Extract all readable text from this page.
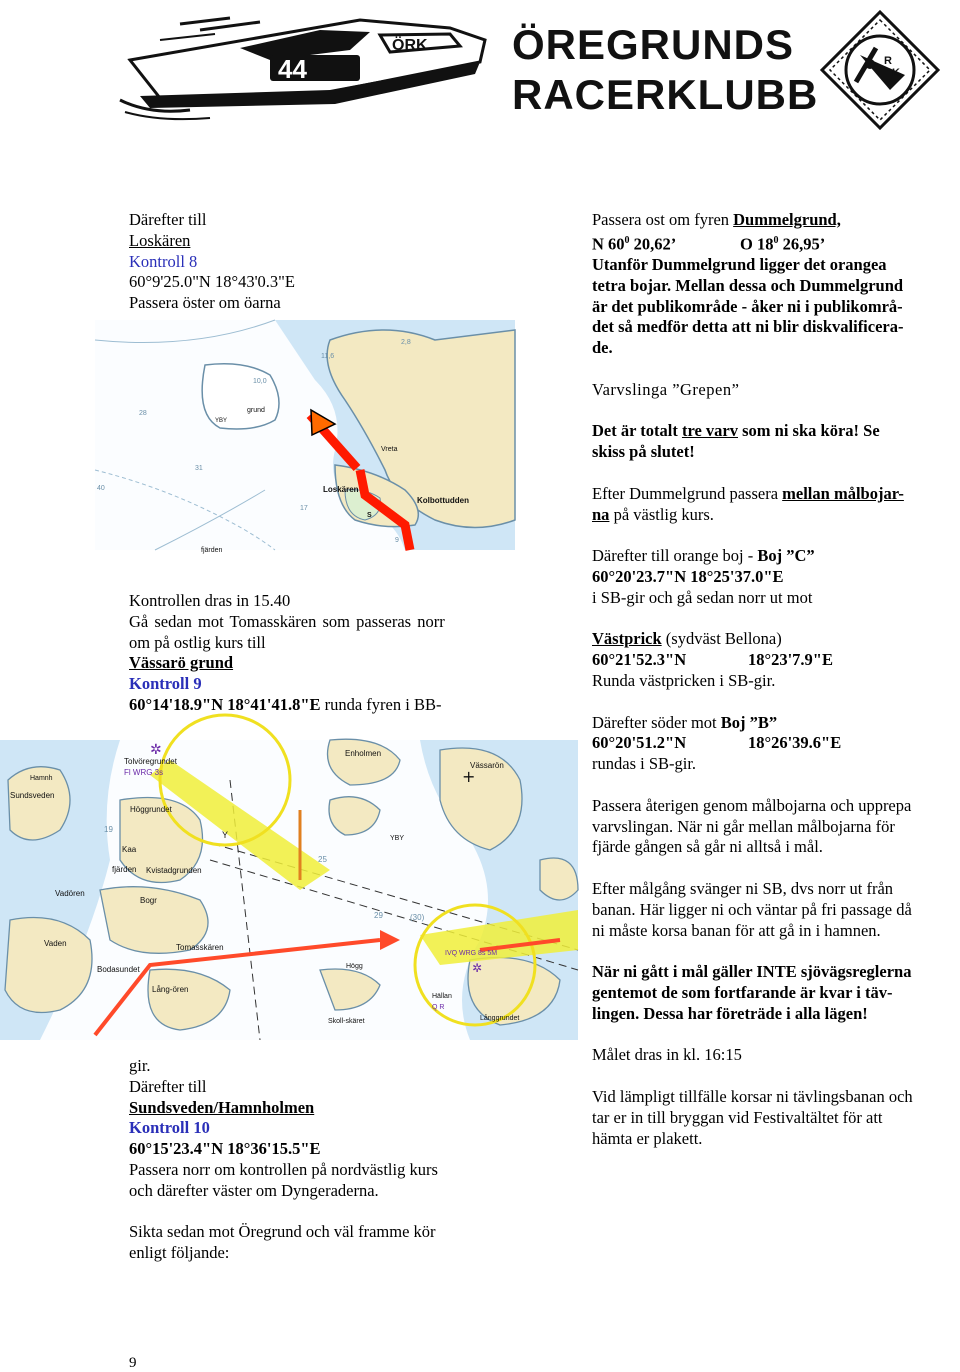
ÖRK
44
ÖREGRUNDS
RACERKLUBB
R
K
Loskären
Kolbottudden
Vreta
grund
YBY
fjärden
S
28
31
40
17
10,0
11,6
2,8
9
✲
+
✲
Tolvöregrundet
Fl WRG 3s
Höggrundet
Enholmen
Vässarön
Sundsveden
Kvistadgrunden
Kaa
fjärden
Vadören
Vaden
Bogr
Tomasskären
Bodasundet
Lång-ören
Högg
Skoll-skäret
Hällan
Q R
Långgrundet
IVQ WRG 8s 5M
Hamnh
YBY
25
29	(30)
19
Y

Därefter till

Loskären

Kontroll 8

60°9'25.0"N 18°43'0.3"E

Passera öster om öarna

Kontrollen dras in 15.40

Gå sedan mot Tomasskären som passeras norr

om på ostlig kurs till

Vässarö grund

Kontroll 9

60°14'18.9"N 18°41'41.8"E runda fyren i BB-

gir.

Därefter till

Sundsveden/Hamnholmen

Kontroll 10

60°15'23.4"N 18°36'15.5"E

Passera norr om kontrollen på nordvästlig kurs

och därefter väster om Dyngeraderna.

Sikta sedan mot Öregrund och väl framme kör

enligt följande:

Passera ost om fyren Dummelgrund,

N $60^0$ 20,62’	O $18^0$ 26,95’

Utanför Dummelgrund ligger det orangea

tetra bojar. Mellan dessa och Dummelgrund

är det publikområde - åker ni i publikområ-

det så medför detta att ni blir diskvalificera-

de.

Varvslinga ”Grepen”

Det är totalt tre varv som ni ska köra! Se

skiss på slutet!

Efter Dummelgrund passera mellan målbojar-

na på västlig kurs.

Därefter till orange boj - Boj ”C”

60°20'23.7"N 18°25'37.0"E

i SB-gir och gå sedan norr ut mot

Västprick (sydväst Bellona)

60°21'52.3"N	18°23'7.9"E

Runda västpricken i SB-gir.

Därefter söder mot Boj ”B”

60°20'51.2"N	18°26'39.6"E

rundas i SB-gir.

Passera återigen genom målbojarna och upprepa

varvslingan. När ni går mellan målbojarna för

fjärde gången så går ni alltså i mål.

Efter målgång svänger ni SB, dvs norr ut från

banan. Här ligger ni och väntar på fri passage då

ni måste korsa banan för att gå in i hamnen.

När ni gått i mål gäller INTE sjövägsreglerna

gentemot de som fortfarande är kvar i täv-

lingen. Dessa har företräde i alla lägen!

Målet dras in kl. 16:15

Vid lämpligt tillfälle korsar ni tävlingsbanan och

tar er in till bryggan vid Festivaltältet för att

hämta er plakett.

9
